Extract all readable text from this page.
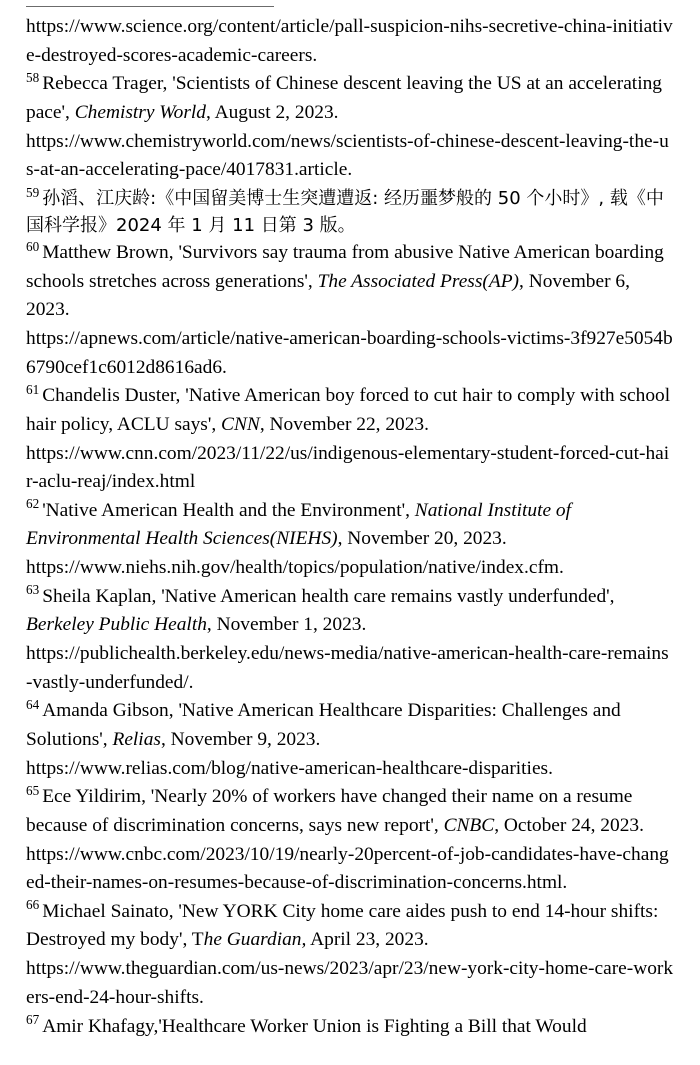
https://www.science.org/content/article/pall-suspicion-nihs-secretive-china-initiative-destroyed-scores-academic-careers.

$^{58}$ Rebecca Trager, 'Scientists of Chinese descent leaving the US at an accelerating pace', Chemistry World, August 2, 2023.

https://www.chemistryworld.com/news/scientists-of-chinese-descent-leaving-the-us-at-an-accelerating-pace/4017831.article.

$^{59}$ 孙滔、江庆龄:《中国留美博士生突遭遭返: 经历噩梦般的 50 个小时》, 载《中国科学报》2024 年 1 月 11 日第 3 版。

$^{60}$ Matthew Brown, 'Survivors say trauma from abusive Native American boarding schools stretches across generations', The Associated Press(AP), November 6, 2023.

https://apnews.com/article/native-american-boarding-schools-victims-3f927e5054b6790cef1c6012d8616ad6.

$^{61}$ Chandelis Duster, 'Native American boy forced to cut hair to comply with school hair policy, ACLU says', CNN, November 22, 2023.

https://www.cnn.com/2023/11/22/us/indigenous-elementary-student-forced-cut-hair-aclu-reaj/index.html

$^{62}$ 'Native American Health and the Environment', National Institute of Environmental Health Sciences(NIEHS), November 20, 2023.

https://www.niehs.nih.gov/health/topics/population/native/index.cfm.

$^{63}$ Sheila Kaplan, 'Native American health care remains vastly underfunded', Berkeley Public Health, November 1, 2023.

https://publichealth.berkeley.edu/news-media/native-american-health-care-remains-vastly-underfunded/.

$^{64}$ Amanda Gibson, 'Native American Healthcare Disparities: Challenges and Solutions', Relias, November 9, 2023.

https://www.relias.com/blog/native-american-healthcare-disparities.

$^{65}$ Ece Yildirim, 'Nearly 20% of workers have changed their name on a resume because of discrimination concerns, says new report', CNBC, October 24, 2023.

https://www.cnbc.com/2023/10/19/nearly-20percent-of-job-candidates-have-changed-their-names-on-resumes-because-of-discrimination-concerns.html.

$^{66}$ Michael Sainato, 'New YORK City home care aides push to end 14-hour shifts: Destroyed my body', The Guardian, April 23, 2023.

https://www.theguardian.com/us-news/2023/apr/23/new-york-city-home-care-workers-end-24-hour-shifts.

$^{67}$ Amir Khafagy,'Healthcare Worker Union is Fighting a Bill that Would
